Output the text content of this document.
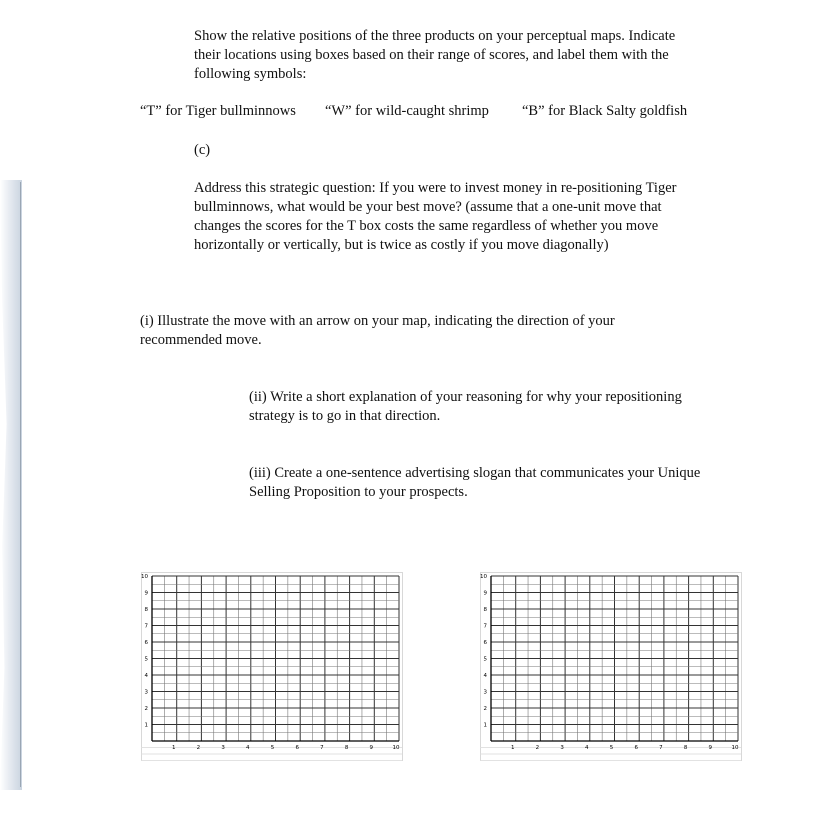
Show the relative positions of the three products on your perceptual maps. Indicate
their locations using boxes based on their range of scores, and label them with the
following symbols:
“T” for Tiger bullminnows “W” for wild-caught shrimp “B” for Black Salty goldfish
(c)
Address this strategic question: If you were to invest money in re-positioning Tiger
bullminnows, what would be your best move? (assume that a one-unit move that
changes the scores for the T box costs the same regardless of whether you move
horizontally or vertically, but is twice as costly if you move diagonally)
(i) Illustrate the move with an arrow on your map, indicating the direction of your
recommended move.
(ii) Write a short explanation of your reasoning for why your repositioning
strategy is to go in that direction.
(iii) Create a one-sentence advertising slogan that communicates your Unique
Selling Proposition to your prospects.
1	2	3	4	5	6	7	8	9	10
1
2
3
4
5
6
7
8
9
10
1	2	3	4	5	6	7	8	9	10
1
2
3
4
5
6
7
8
9
10
